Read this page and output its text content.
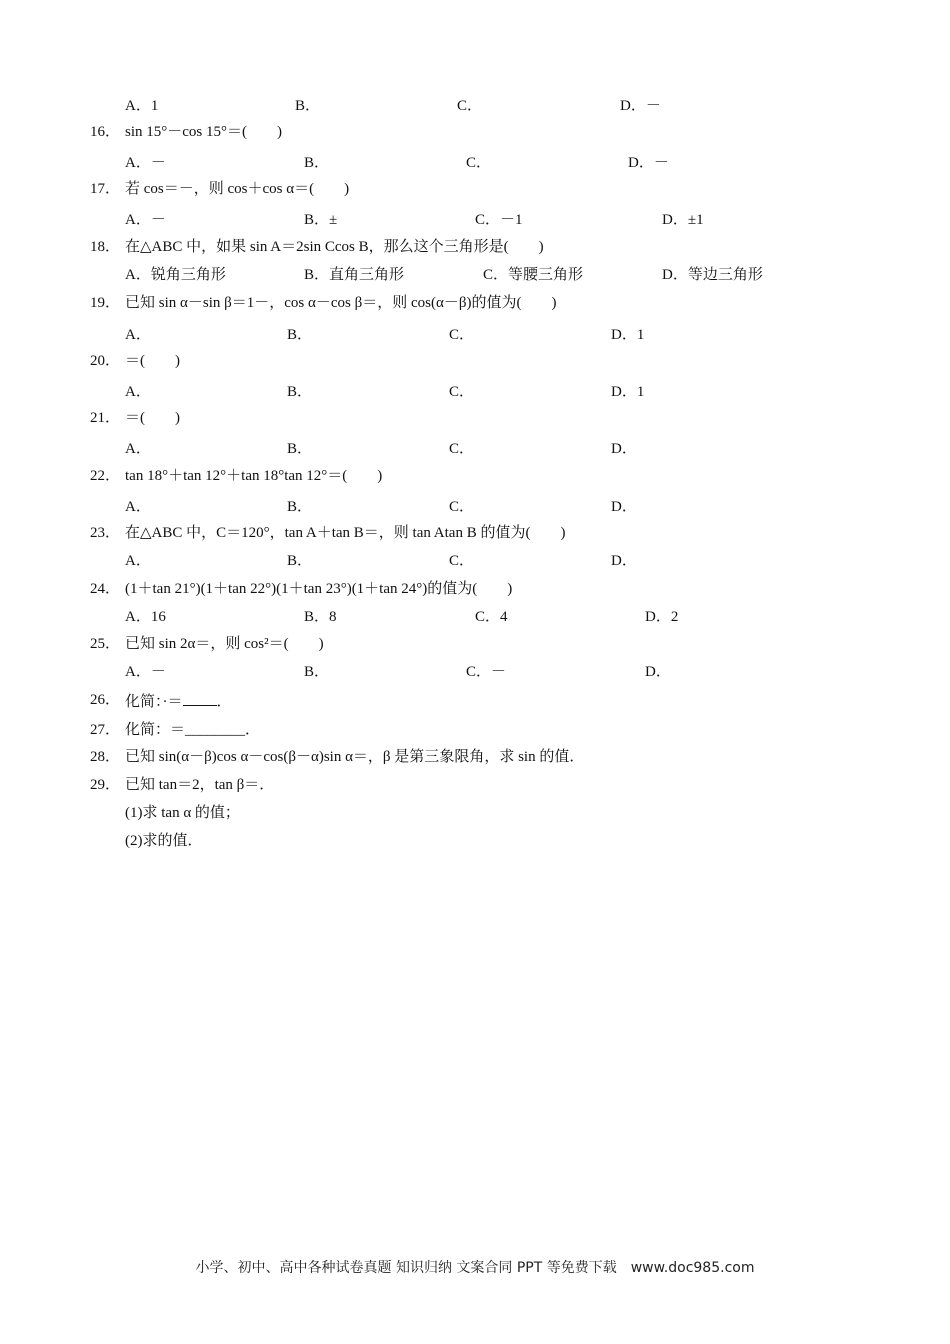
A．1	B．	C．	D．－
16． sin 15°－cos 15°＝(　　)
A．－	B．	C．	D．－
17． 若 cos＝－，则 cos＋cos α＝(　　)
A．－	B．±	C．－1	D．±1
18． 在△ABC 中，如果 sin A＝2sin Ccos B，那么这个三角形是(　　)
A．锐角三角形	B．直角三角形	C．等腰三角形	D．等边三角形
19． 已知 sin α－sin β＝1－，cos α－cos β＝，则 cos(α－β)的值为(　　)
A．	B．	C．	D．1
20． ＝(　　)
A．	B．	C．	D．1
21． ＝(　　)
A．	B．	C．	D．
22． tan 18°＋tan 12°＋tan 18°tan 12°＝(　　)
A．	B．	C．	D．
23． 在△ABC 中，C＝120°，tan A＋tan B＝，则 tan Atan B 的值为(　　)
A．	B．	C．	D．
24． (1＋tan 21°)(1＋tan 22°)(1＋tan 23°)(1＋tan 24°)的值为(　　)
A．16	B．8	C．4	D．2
25． 已知 sin 2α＝，则 cos²＝(　　)
A．－	B．	C．－	D．
26． 化简：·＝ ．
27． 化简：＝________．
28． 已知 sin(α－β)cos α－cos(β－α)sin α＝，β 是第三象限角，求 sin 的值．
29． 已知 tan＝2，tan β＝．
(1)求 tan α 的值；
(2)求的值．
小学、初中、高中各种试卷真题 知识归纳 文案合同 PPT 等免费下载　www.doc985.com
